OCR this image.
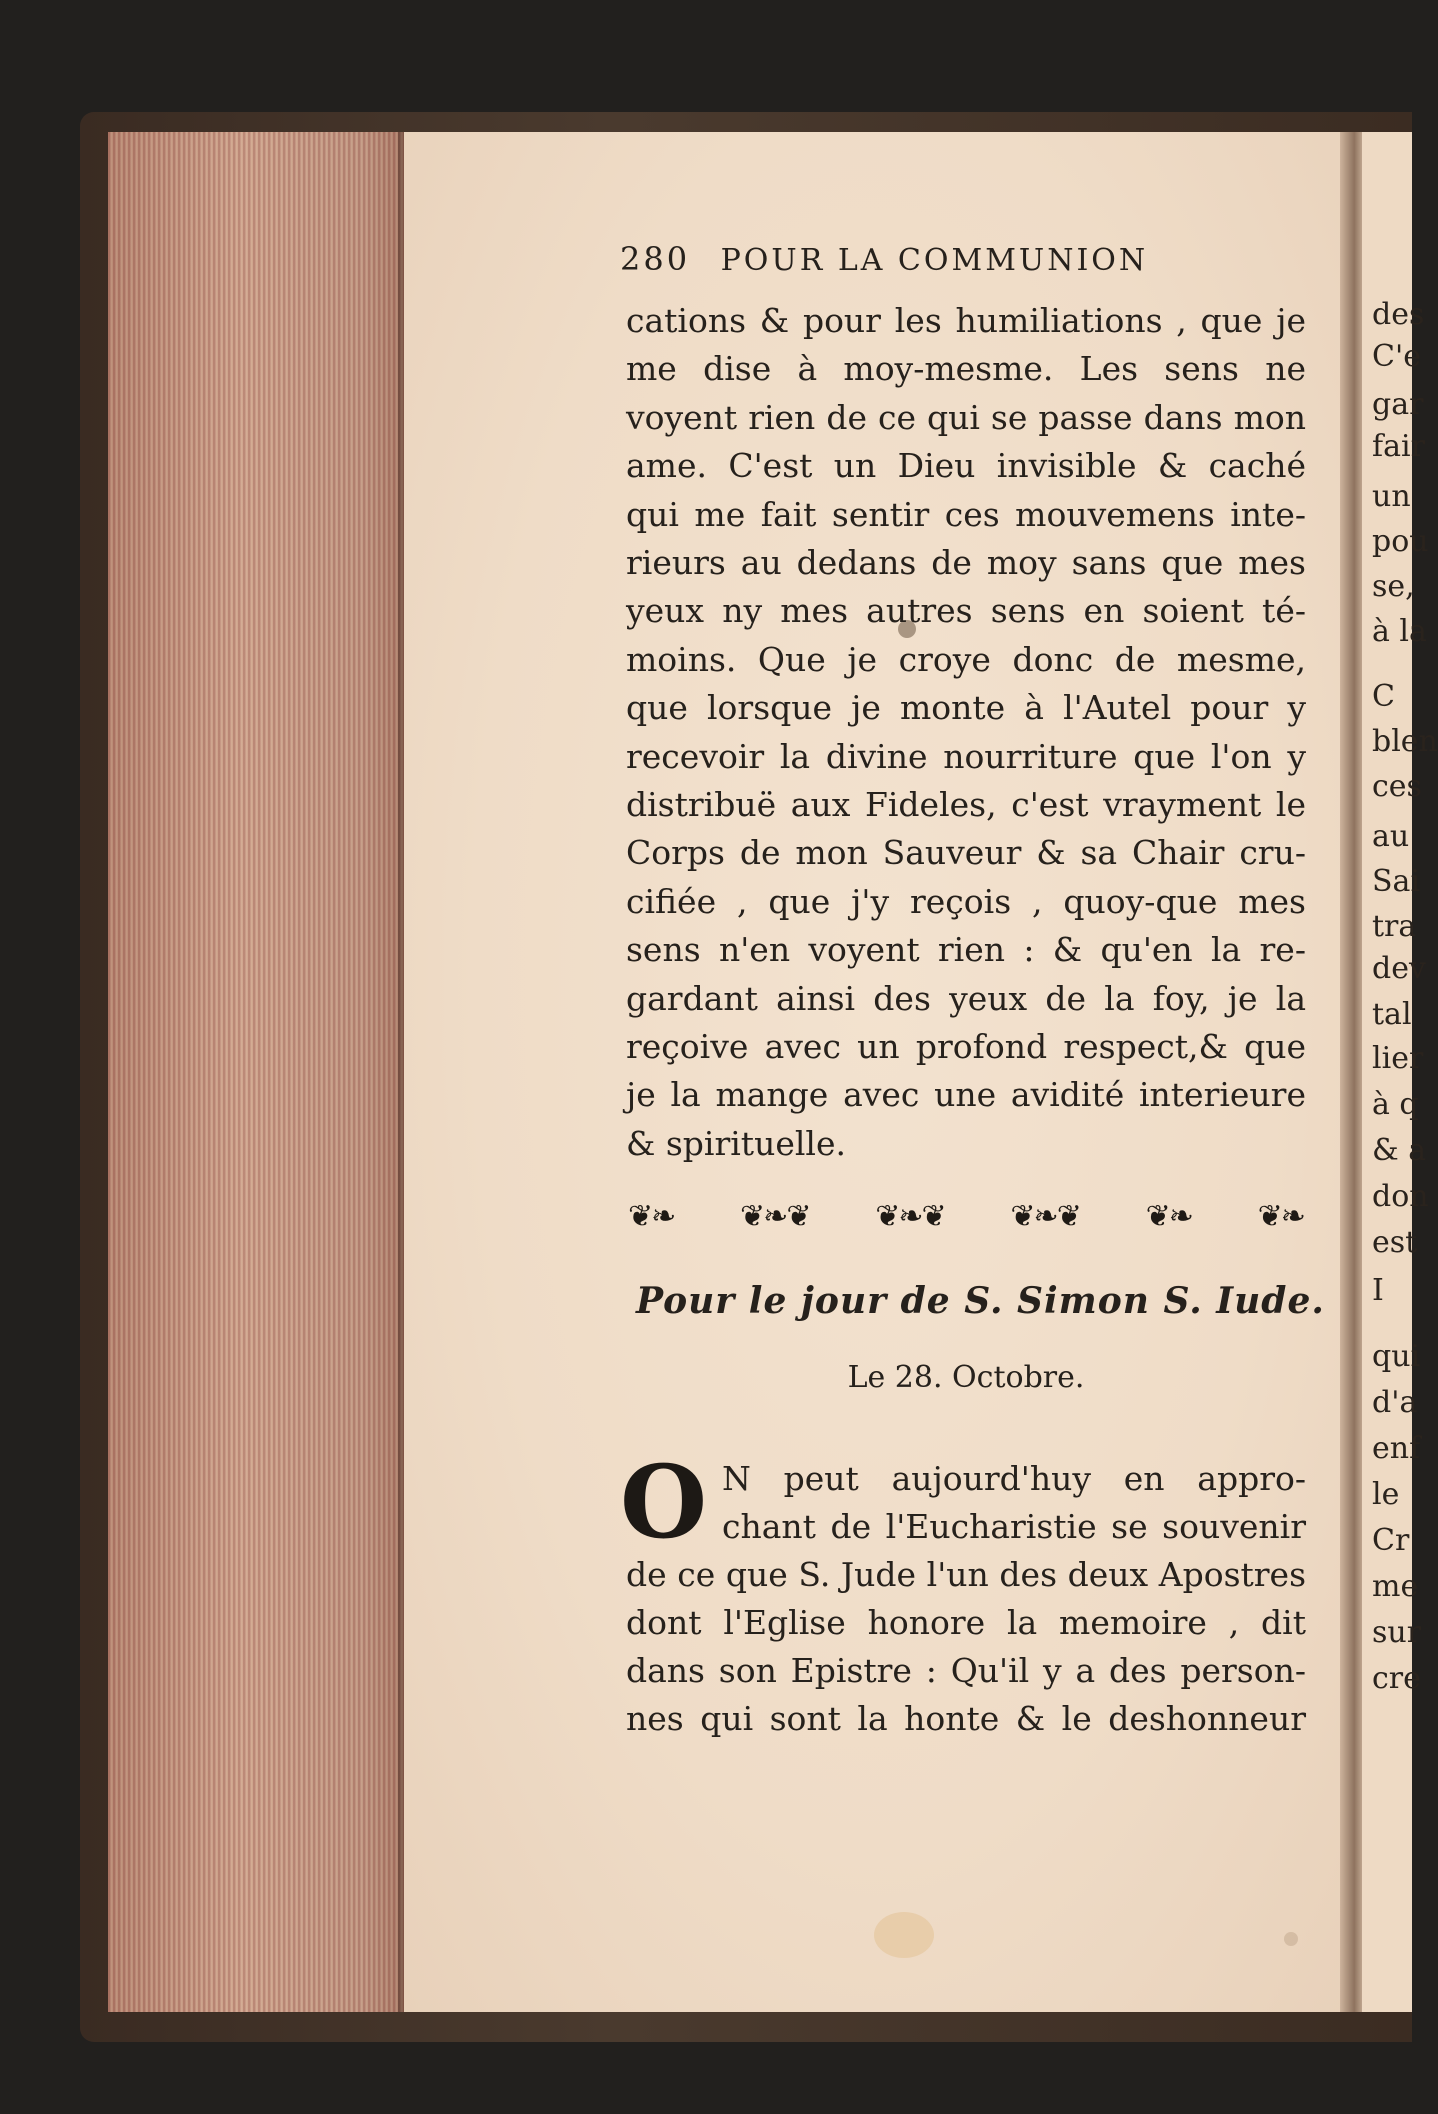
des
C'e
gar
fair
un
pou
se,
à la
C
blen
ces
au
Sai
tra
dev
tal
lier
à q
& a
don
est
I
qui
d'a
enf
le
Cr
me
sur
cre
280 POUR LA COMMUNION
cations & pour les humiliations , que je
me dise à moy-mesme. Les sens ne
voyent rien de ce qui se passe dans mon
ame. C'est un Dieu invisible & caché
qui me fait sentir ces mouvemens inte-
rieurs au dedans de moy sans que mes
yeux ny mes autres sens en soient té-
moins. Que je croye donc de mesme,
que lorsque je monte à l'Autel pour y
recevoir la divine nourriture que l'on y
distribuë aux Fideles, c'est vrayment le
Corps de mon Sauveur & sa Chair cru-
cifiée , que j'y reçois , quoy-que mes
sens n'en voyent rien : & qu'en la re-
gardant ainsi des yeux de la foy, je la
reçoive avec un profond respect,& que
je la mange avec une avidité interieure
& spirituelle.
❦❧ ❦❧❦ ❦❧❦ ❦❧❦ ❦❧ ❦❧
Pour le jour de S. Simon S. Iude.
Le 28. Octobre.
O N peut aujourd'huy en appro-
chant de l'Eucharistie se souvenir
de ce que S. Jude l'un des deux Apostres
dont l'Eglise honore la memoire , dit
dans son Epistre : Qu'il y a des person-
nes qui sont la honte & le deshonneur
